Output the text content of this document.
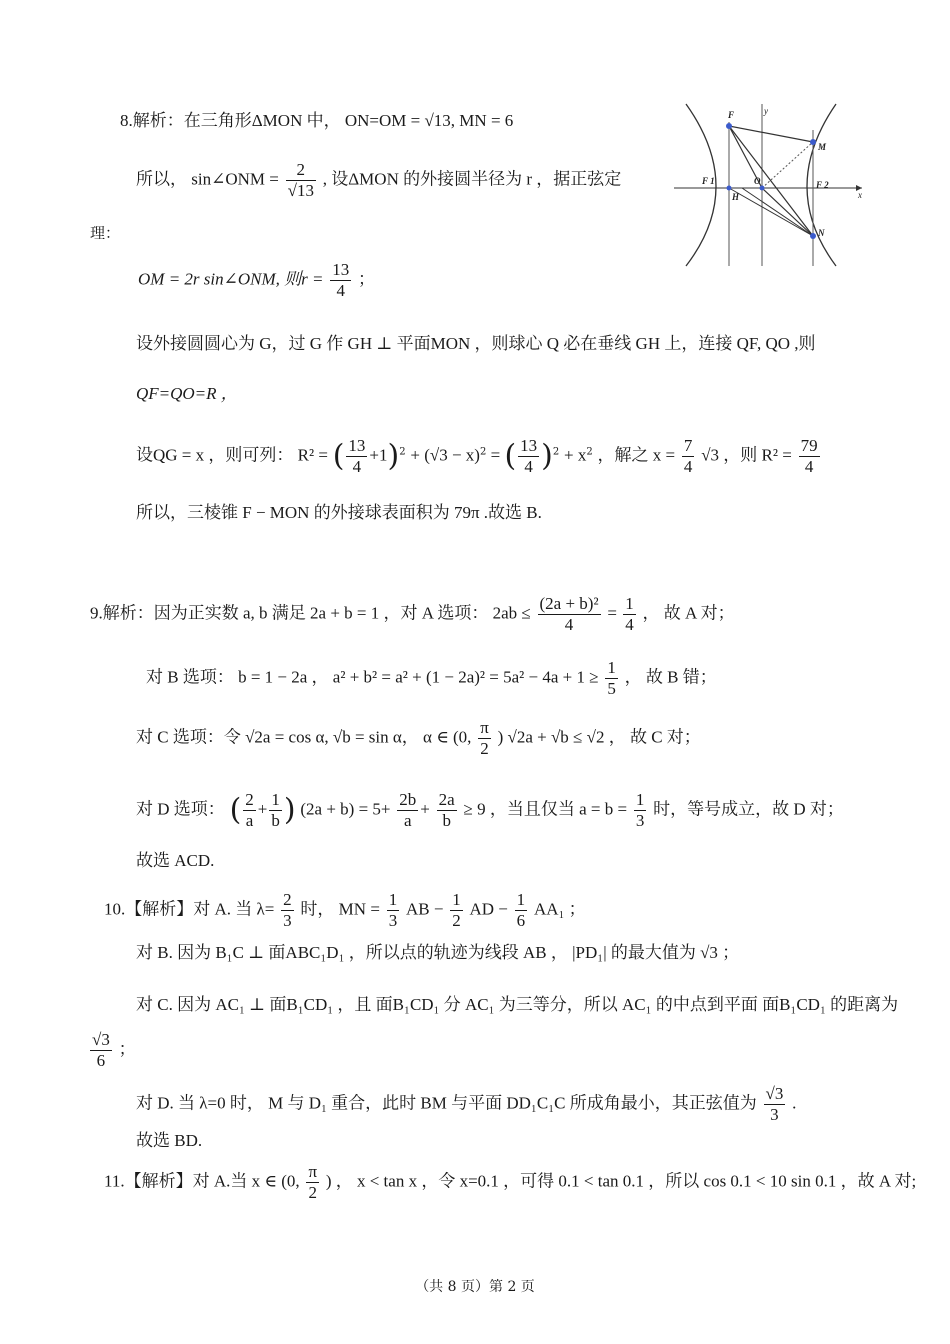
F	y
M
F 1	O	F 2
x
H
N
8.解析：在三角形ΔMON 中， ON=OM = √13, MN = 6
所以， sin∠ONM = $\frac{2}{√13}$ , 设ΔMON 的外接圆半径为 r ，据正弦定
理：
OM = 2r sin∠ONM, 则$r = \frac{13}{4}$ ；
设外接圆圆心为 G，过 G 作 GH ⊥ 平面MON ，则球心 Q 必在垂线 GH 上，连接 QF, QO ,则
QF=QO=R ，
设QG = x ，则可列： R² = ( $\frac{13}{4} +1)^2 + (√3 - x)^2$ = ( $\frac{13}{4} )^2 + x^2$ ，解之 $x = \frac{7}{4} √3$ ，则 $R^2 = \frac{79}{4}$
所以，三棱锥 F − MON 的外接球表面积为 79π .故选 B.
9.解析：因为正实数 a, b 满足 2a + b = 1 ，对 A 选项： $2ab \le \frac{\text{(2a + b)²}}{4} = \frac{1}{4}$ ， 故 A 对；
对 B 选项： b = 1 − 2a ， $a^2 + b^2 = a^2 + (1 - 2a)^2 = 5a^2 - 4a + 1 \ge \frac{1}{5}$ ， 故 B 错；
对 C 选项：令 √2a = cos α, √b = sin α， α ∈ (0, $\frac{\pi}{2}$ ) √2a + √b ≤ √2 ， 故 C 对；
对 D 选项： ( $\frac{2}{a} + \frac{1}{b}$ ) $(2a + b) = 5+ \frac{2b}{a} + \frac{2a}{b} \ge 9$ ，当且仅当 $a = b = \frac{1}{3}$ 时，等号成立，故 D 对；
故选 ACD.
10.【解析】对 A. 当 $\lambda= \frac{2}{3}$ 时， MN = $\frac{1}{3}$ AB − $\frac{1}{2}$ AD − $\frac{1}{6} AA_1$ ；
对 B. 因为 B₁C ⊥ 面ABC₁D₁ ，所以点的轨迹为线段 AB ， |PD₁| 的最大值为 √3 ；
对 C. 因为 AC₁ ⊥ 面B₁CD₁ ，且 面B₁CD₁ 分 AC₁ 为三等分，所以 AC₁ 的中点到平面 面B₁CD₁ 的距离为
$\frac{√3}{6}$ ；
对 D. 当 λ=0 时， M 与 D₁ 重合，此时 BM 与平面 DD₁C₁C 所成角最小，其正弦值为 $\frac{√3}{3}$ .
故选 BD.
11.【解析】对 A.当 x ∈ (0, $\frac{\pi}{2}$ ) ， x < tan x ，令 x=0.1 ，可得 0.1 < tan 0.1 ，所以 cos 0.1 < 10 sin 0.1 ，故 A 对;
（共 8 页）第 2 页
